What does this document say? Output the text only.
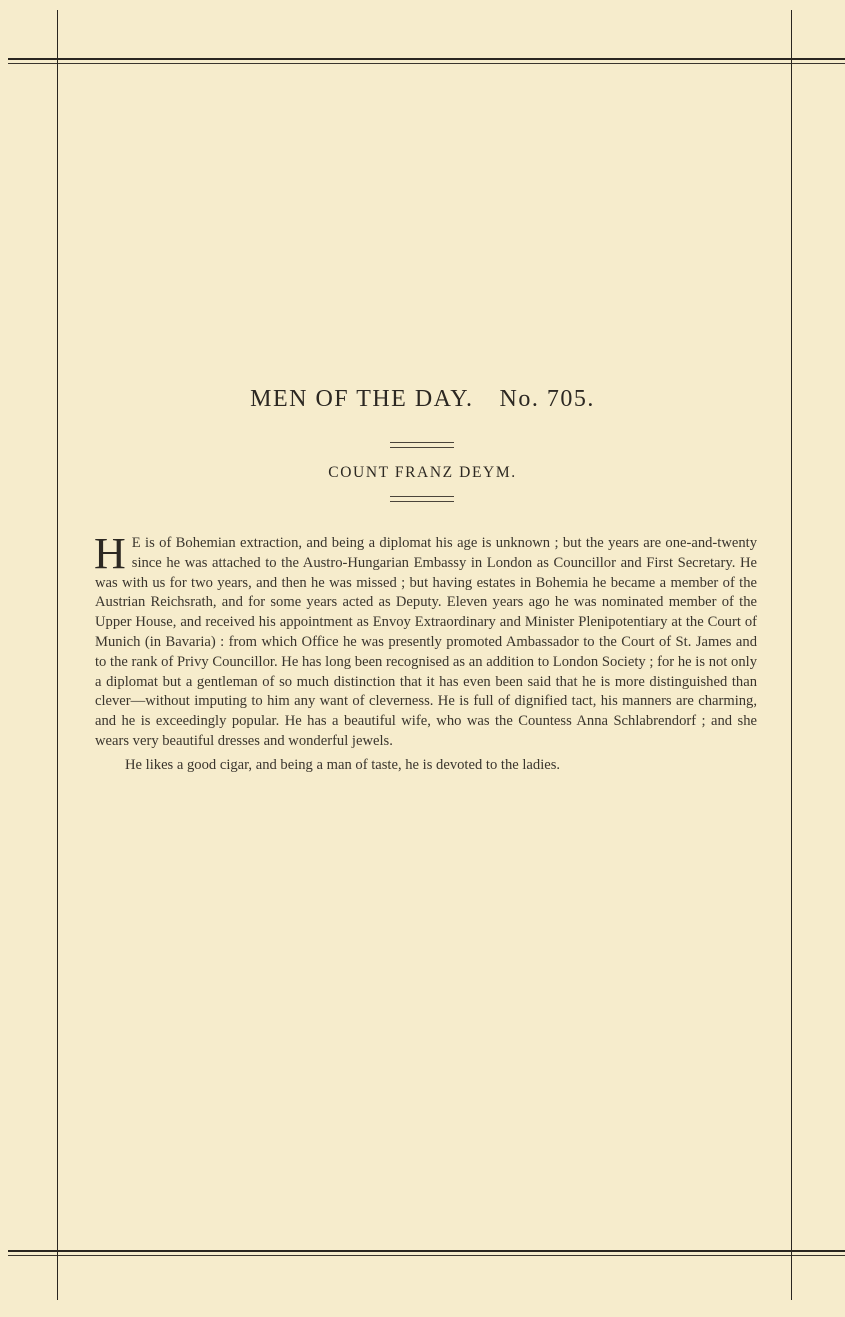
MEN OF THE DAY. No. 705.
COUNT FRANZ DEYM.

H E is of Bohemian extraction, and being a diplomat his age is unknown ; but the years are one-and-twenty since he was attached to the Austro-Hungarian Embassy in London as Councillor and First Secretary. He was with us for two years, and then he was missed ; but having estates in Bohemia he became a member of the Austrian Reichsrath, and for some years acted as Deputy. Eleven years ago he was nominated member of the Upper House, and received his appointment as Envoy Extraordinary and Minister Plenipotentiary at the Court of Munich (in Bavaria) : from which Office he was presently promoted Ambassador to the Court of St. James and to the rank of Privy Councillor. He has long been recognised as an addition to London Society ; for he is not only a diplomat but a gentleman of so much distinction that it has even been said that he is more distinguished than clever—without imputing to him any want of cleverness. He is full of dignified tact, his manners are charming, and he is exceedingly popular. He has a beautiful wife, who was the Countess Anna Schlabrendorf ; and she wears very beautiful dresses and wonderful jewels.

He likes a good cigar, and being a man of taste, he is devoted to the ladies.
